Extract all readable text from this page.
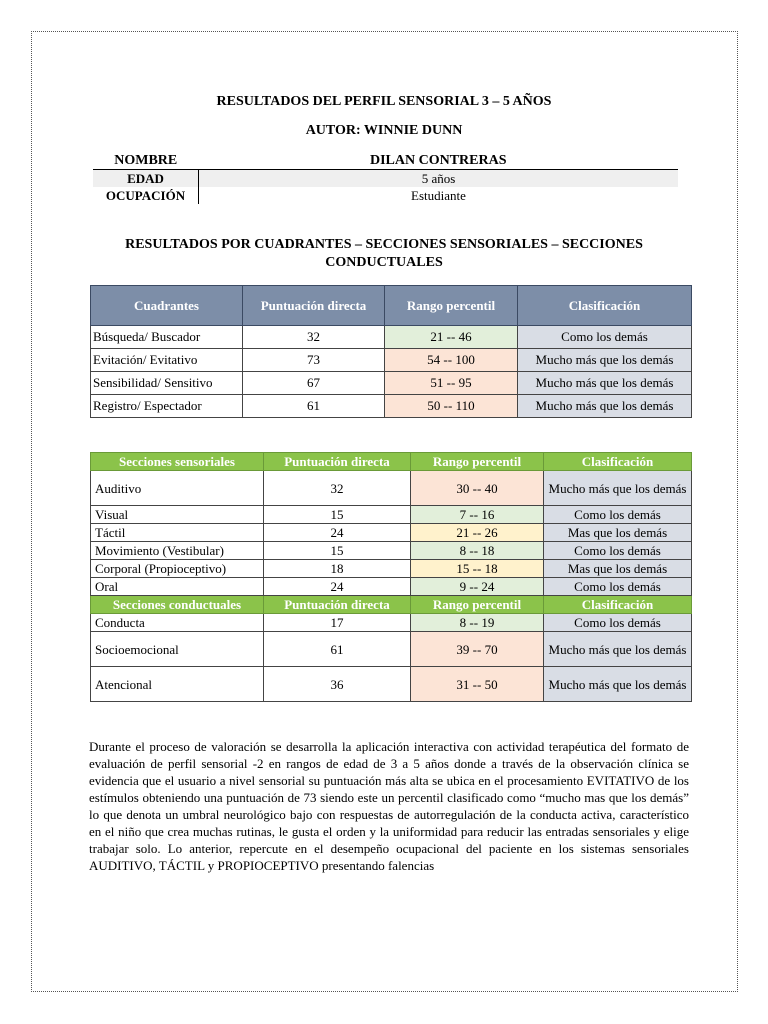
RESULTADOS DEL PERFIL SENSORIAL 3 – 5 AÑOS
AUTOR: WINNIE DUNN
NOMBRE	DILAN CONTRERAS
EDAD	5 años
OCUPACIÓN	Estudiante
RESULTADOS POR CUADRANTES – SECCIONES SENSORIALES – SECCIONES CONDUCTUALES
Cuadrantes	Puntuación directa	Rango percentil	Clasificación
Búsqueda/ Buscador	32	21 -- 46	Como los demás
Evitación/ Evitativo	73	54 -- 100	Mucho más que los demás
Sensibilidad/ Sensitivo	67	51 -- 95	Mucho más que los demás
Registro/ Espectador	61	50 -- 110	Mucho más que los demás
Secciones sensoriales	Puntuación directa	Rango percentil	Clasificación
Auditivo	32	30 -- 40	Mucho más que los demás
Visual	15	7 -- 16	Como los demás
Táctil	24	21 -- 26	Mas que los demás
Movimiento (Vestibular)	15	8 -- 18	Como los demás
Corporal (Propioceptivo)	18	15 -- 18	Mas que los demás
Oral	24	9 -- 24	Como los demás
Secciones conductuales	Puntuación directa	Rango percentil	Clasificación
Conducta	17	8 -- 19	Como los demás
Socioemocional	61	39 -- 70	Mucho más que los demás
Atencional	36	31 -- 50	Mucho más que los demás
Durante el proceso de valoración se desarrolla la aplicación interactiva con actividad terapéutica del formato de evaluación de perfil sensorial -2 en rangos de edad de 3 a 5 años donde a través de la observación clínica se evidencia que el usuario a nivel sensorial su puntuación más alta se ubica en el procesamiento EVITATIVO de los estímulos obteniendo una puntuación de 73 siendo este un percentil clasificado como “mucho mas que los demás” lo que denota un umbral neurológico bajo con respuestas de autorregulación de la conducta activa, característico en el niño que crea muchas rutinas, le gusta el orden y la uniformidad para reducir las entradas sensoriales y elige trabajar solo. Lo anterior, repercute en el desempeño ocupacional del paciente en los sistemas sensoriales AUDITIVO, TÁCTIL y PROPIOCEPTIVO presentando falencias
